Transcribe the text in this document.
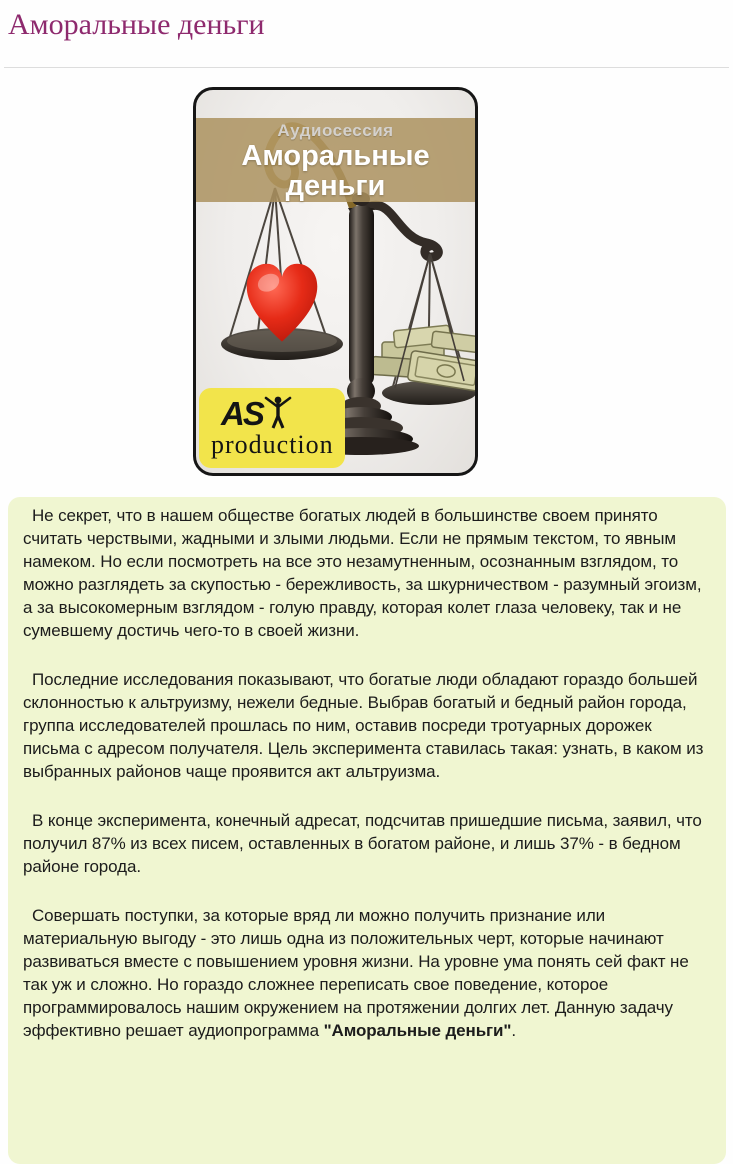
Аморальные деньги
Аудиосессия
Аморальные деньги
AS
production

Не секрет, что в нашем обществе богатых людей в большинстве своем принято считать черствыми, жадными и злыми людьми. Если не прямым текстом, то явным намеком. Но если посмотреть на все это незамутненным, осознанным взглядом, то можно разглядеть за скупостью - бережливость, за шкурничеством - разумный эгоизм, а за высокомерным взглядом - голую правду, которая колет глаза человеку, так и не сумевшему достичь чего-то в своей жизни.

Последние исследования показывают, что богатые люди обладают гораздо большей склонностью к альтруизму, нежели бедные. Выбрав богатый и бедный район города, группа исследователей прошлась по ним, оставив посреди тротуарных дорожек письма с адресом получателя. Цель эксперимента ставилась такая: узнать, в каком из выбранных районов чаще проявится акт альтруизма.

В конце эксперимента, конечный адресат, подсчитав пришедшие письма, заявил, что получил 87% из всех писем, оставленных в богатом районе, и лишь 37% - в бедном районе города.

Совершать поступки, за которые вряд ли можно получить признание или материальную выгоду - это лишь одна из положительных черт, которые начинают развиваться вместе с повышением уровня жизни. На уровне ума понять сей факт не так уж и сложно. Но гораздо сложнее переписать свое поведение, которое программировалось нашим окружением на протяжении долгих лет. Данную задачу эффективно решает аудиопрограмма "Аморальные деньги".
